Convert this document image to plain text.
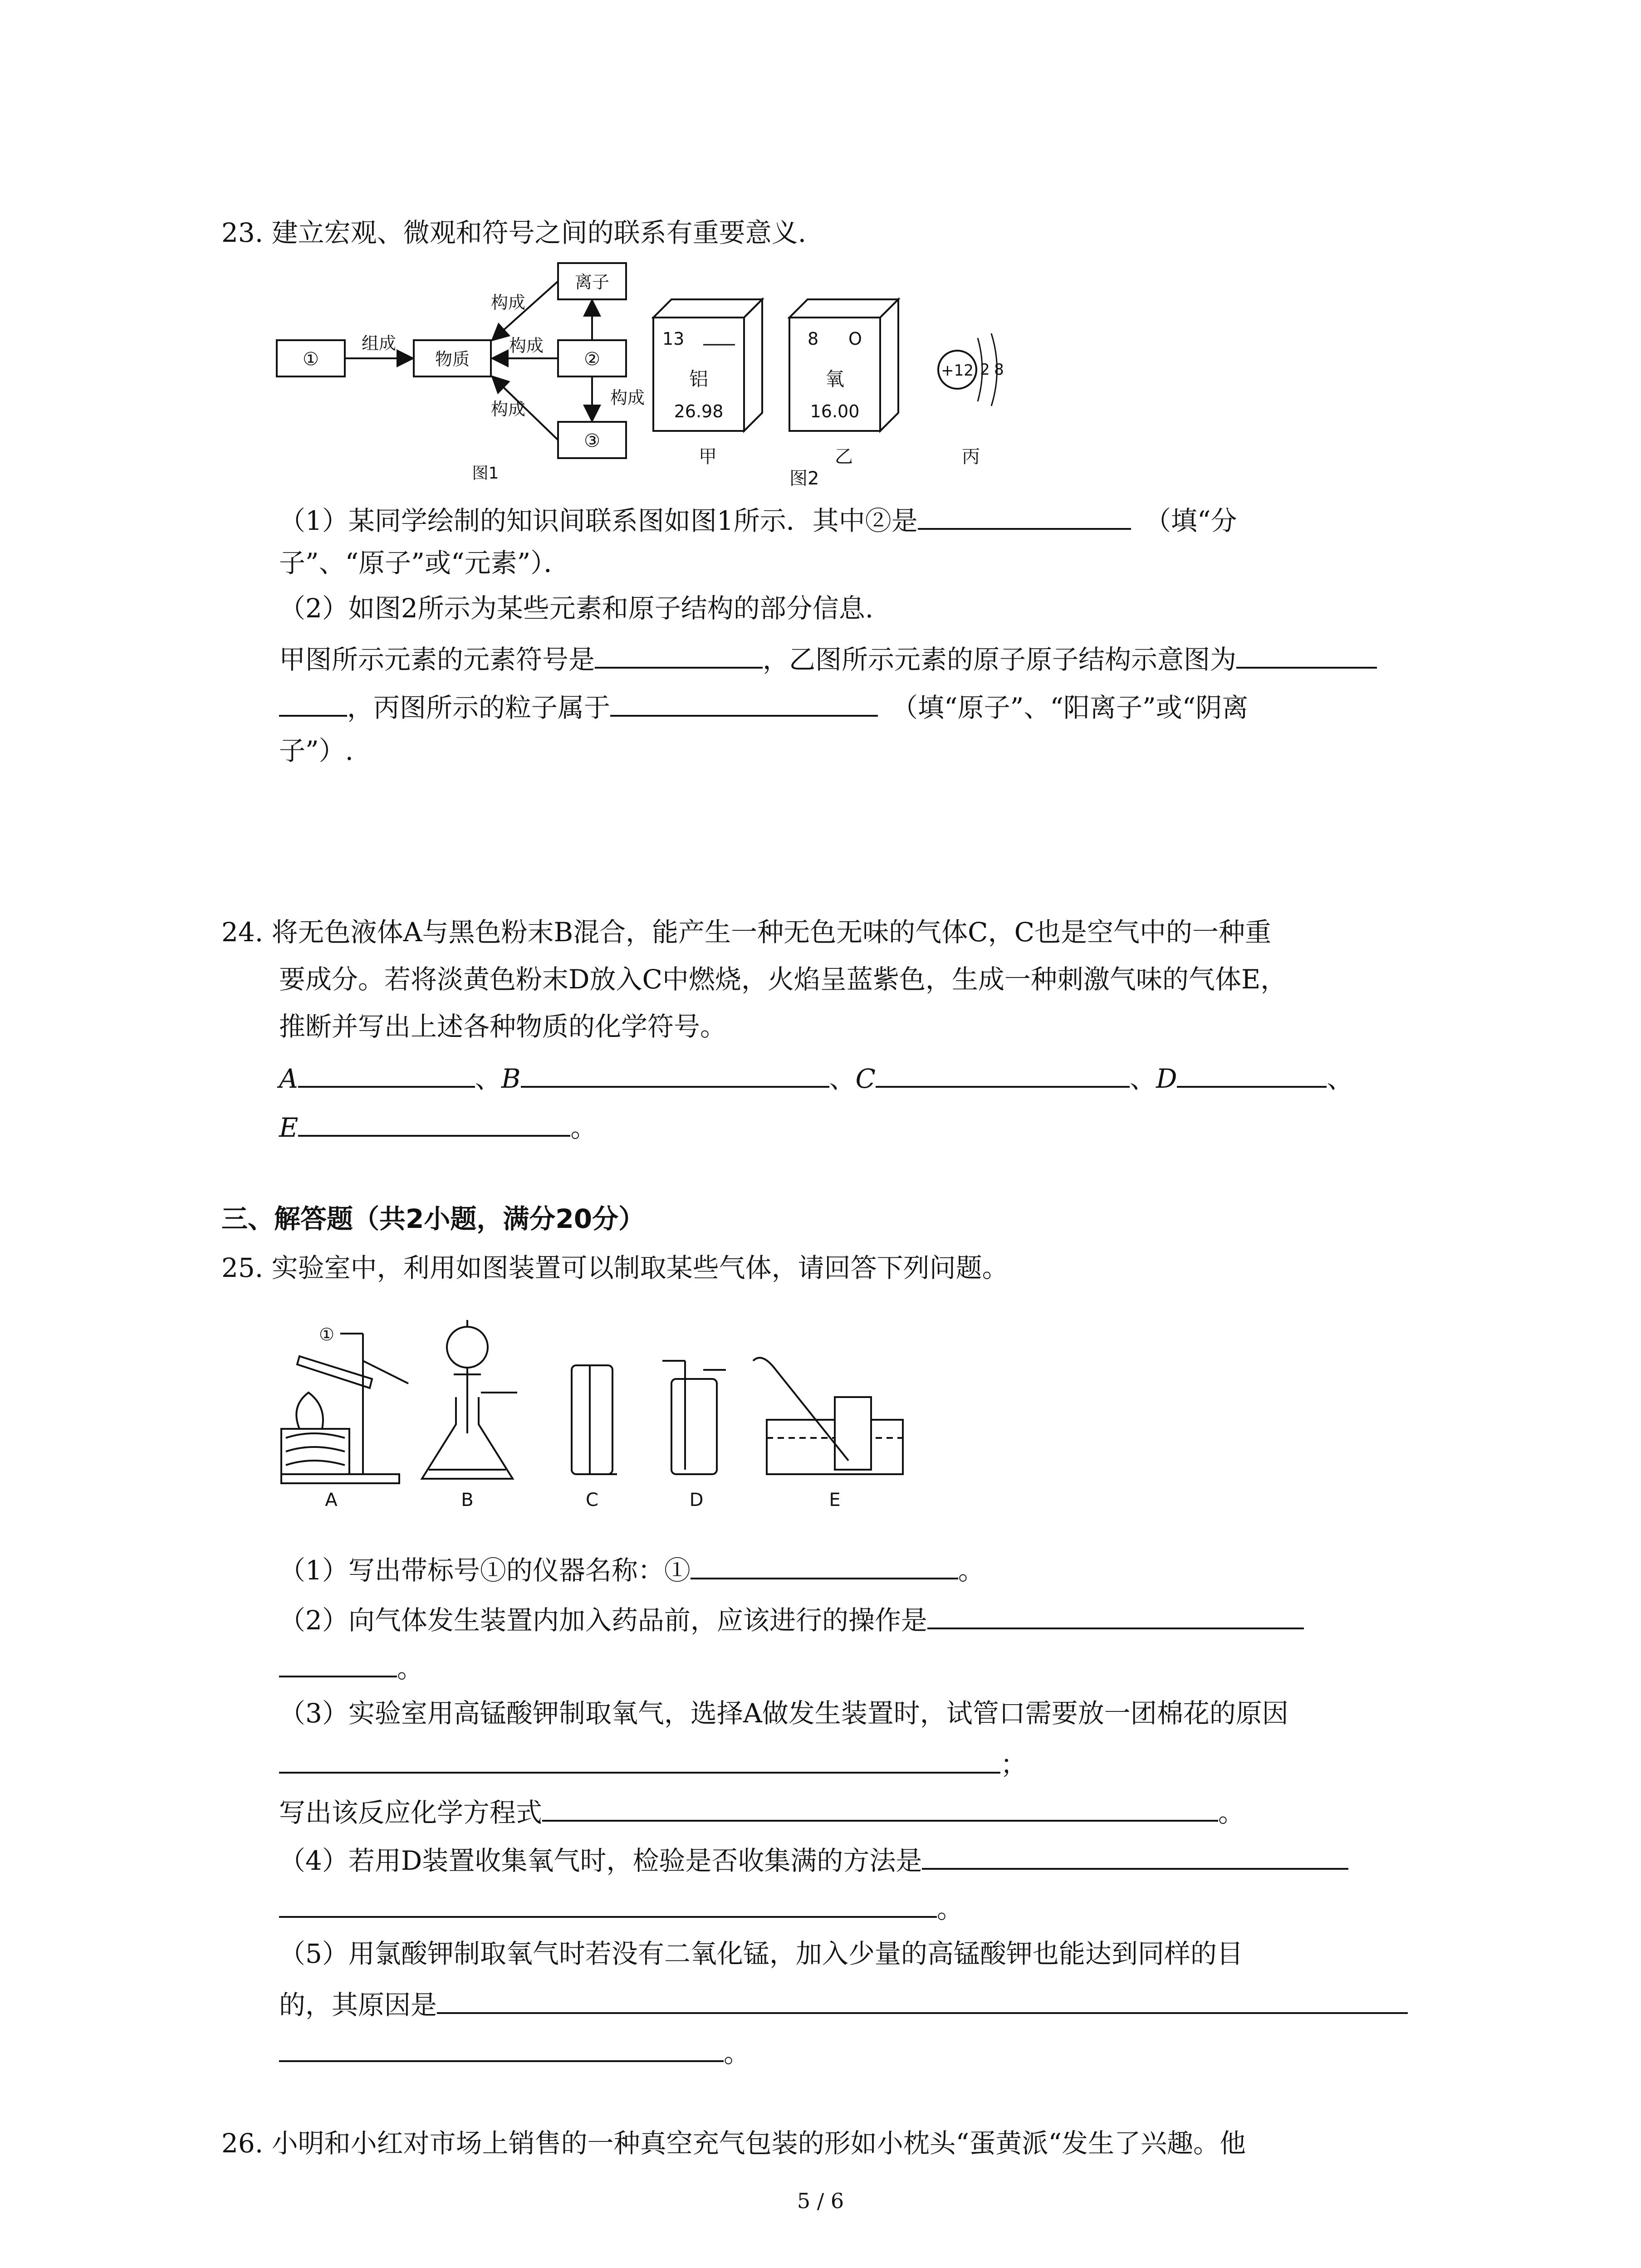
23. 建立宏观、微观和符号之间的联系有重要意义.
①
组成
物质
离子
②
③
构成
构成
构成
构成
图1
13
铝
26.98
甲
8 O
氧
16.00
乙
+12 2 8
丙
图2
（1）某同学绘制的知识间联系图如图1所示．其中②是	（填“分
子”、“原子”或“元素”）．
（2）如图2所示为某些元素和原子结构的部分信息.
甲图所示元素的元素符号是	，乙图所示元素的原子原子结构示意图为
，丙图所示的粒子属于	（填“原子”、“阳离子”或“阴离
子”）.
24. 将无色液体A与黑色粉末B混合，能产生一种无色无味的气体C，C也是空气中的一种重
要成分。若将淡黄色粉末D放入C中燃烧，火焰呈蓝紫色，生成一种刺激气味的气体E，
推断并写出上述各种物质的化学符号。
A	、B	、C	、D	、
E	。
三、解答题（共2小题，满分20分）
25. 实验室中，利用如图装置可以制取某些气体，请回答下列问题。
①
A	B	C	D	E
（1）写出带标号①的仪器名称：①	。
（2）向气体发生装置内加入药品前，应该进行的操作是
。
（3）实验室用高锰酸钾制取氧气，选择A做发生装置时，试管口需要放一团棉花的原因
；
写出该反应化学方程式	。
（4）若用D装置收集氧气时，检验是否收集满的方法是
。
（5）用氯酸钾制取氧气时若没有二氧化锰，加入少量的高锰酸钾也能达到同样的目
的，其原因是
。
26. 小明和小红对市场上销售的一种真空充气包装的形如小枕头“蛋黄派“发生了兴趣。他
5 / 6
